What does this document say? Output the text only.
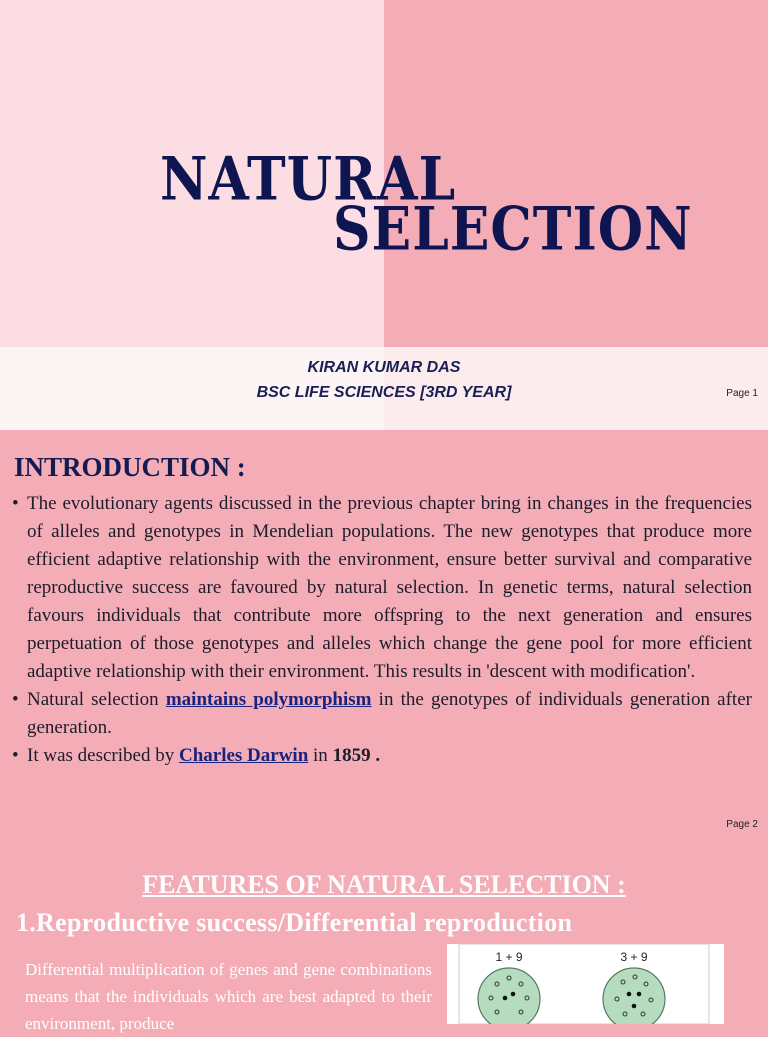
NATURAL
SELECTION

KIRAN KUMAR DAS

BSC LIFE SCIENCES [3RD YEAR]	Page 1
INTRODUCTION :
• The evolutionary agents discussed in the previous chapter bring in changes in the frequencies of alleles and genotypes in Mendelian populations. The new genotypes that produce more efficient adaptive relationship with the environment, ensure better survival and comparative reproductive success are favoured by natural selection. In genetic terms, natural selection favours individuals that contribute more offspring to the next generation and ensures perpetuation of those genotypes and alleles which change the gene pool for more efficient adaptive relationship with their environment. This results in 'descent with modification'.
• Natural selection maintains polymorphism in the genotypes of individuals generation after generation.
• It was described by Charles Darwin in 1859 .
Page 2
FEATURES OF NATURAL SELECTION :
1.Reproductive success/Differential reproduction

Differential multiplication of genes and gene combinations means that the individuals which are best adapted to their environment, produce

1 + 9	3 + 9
